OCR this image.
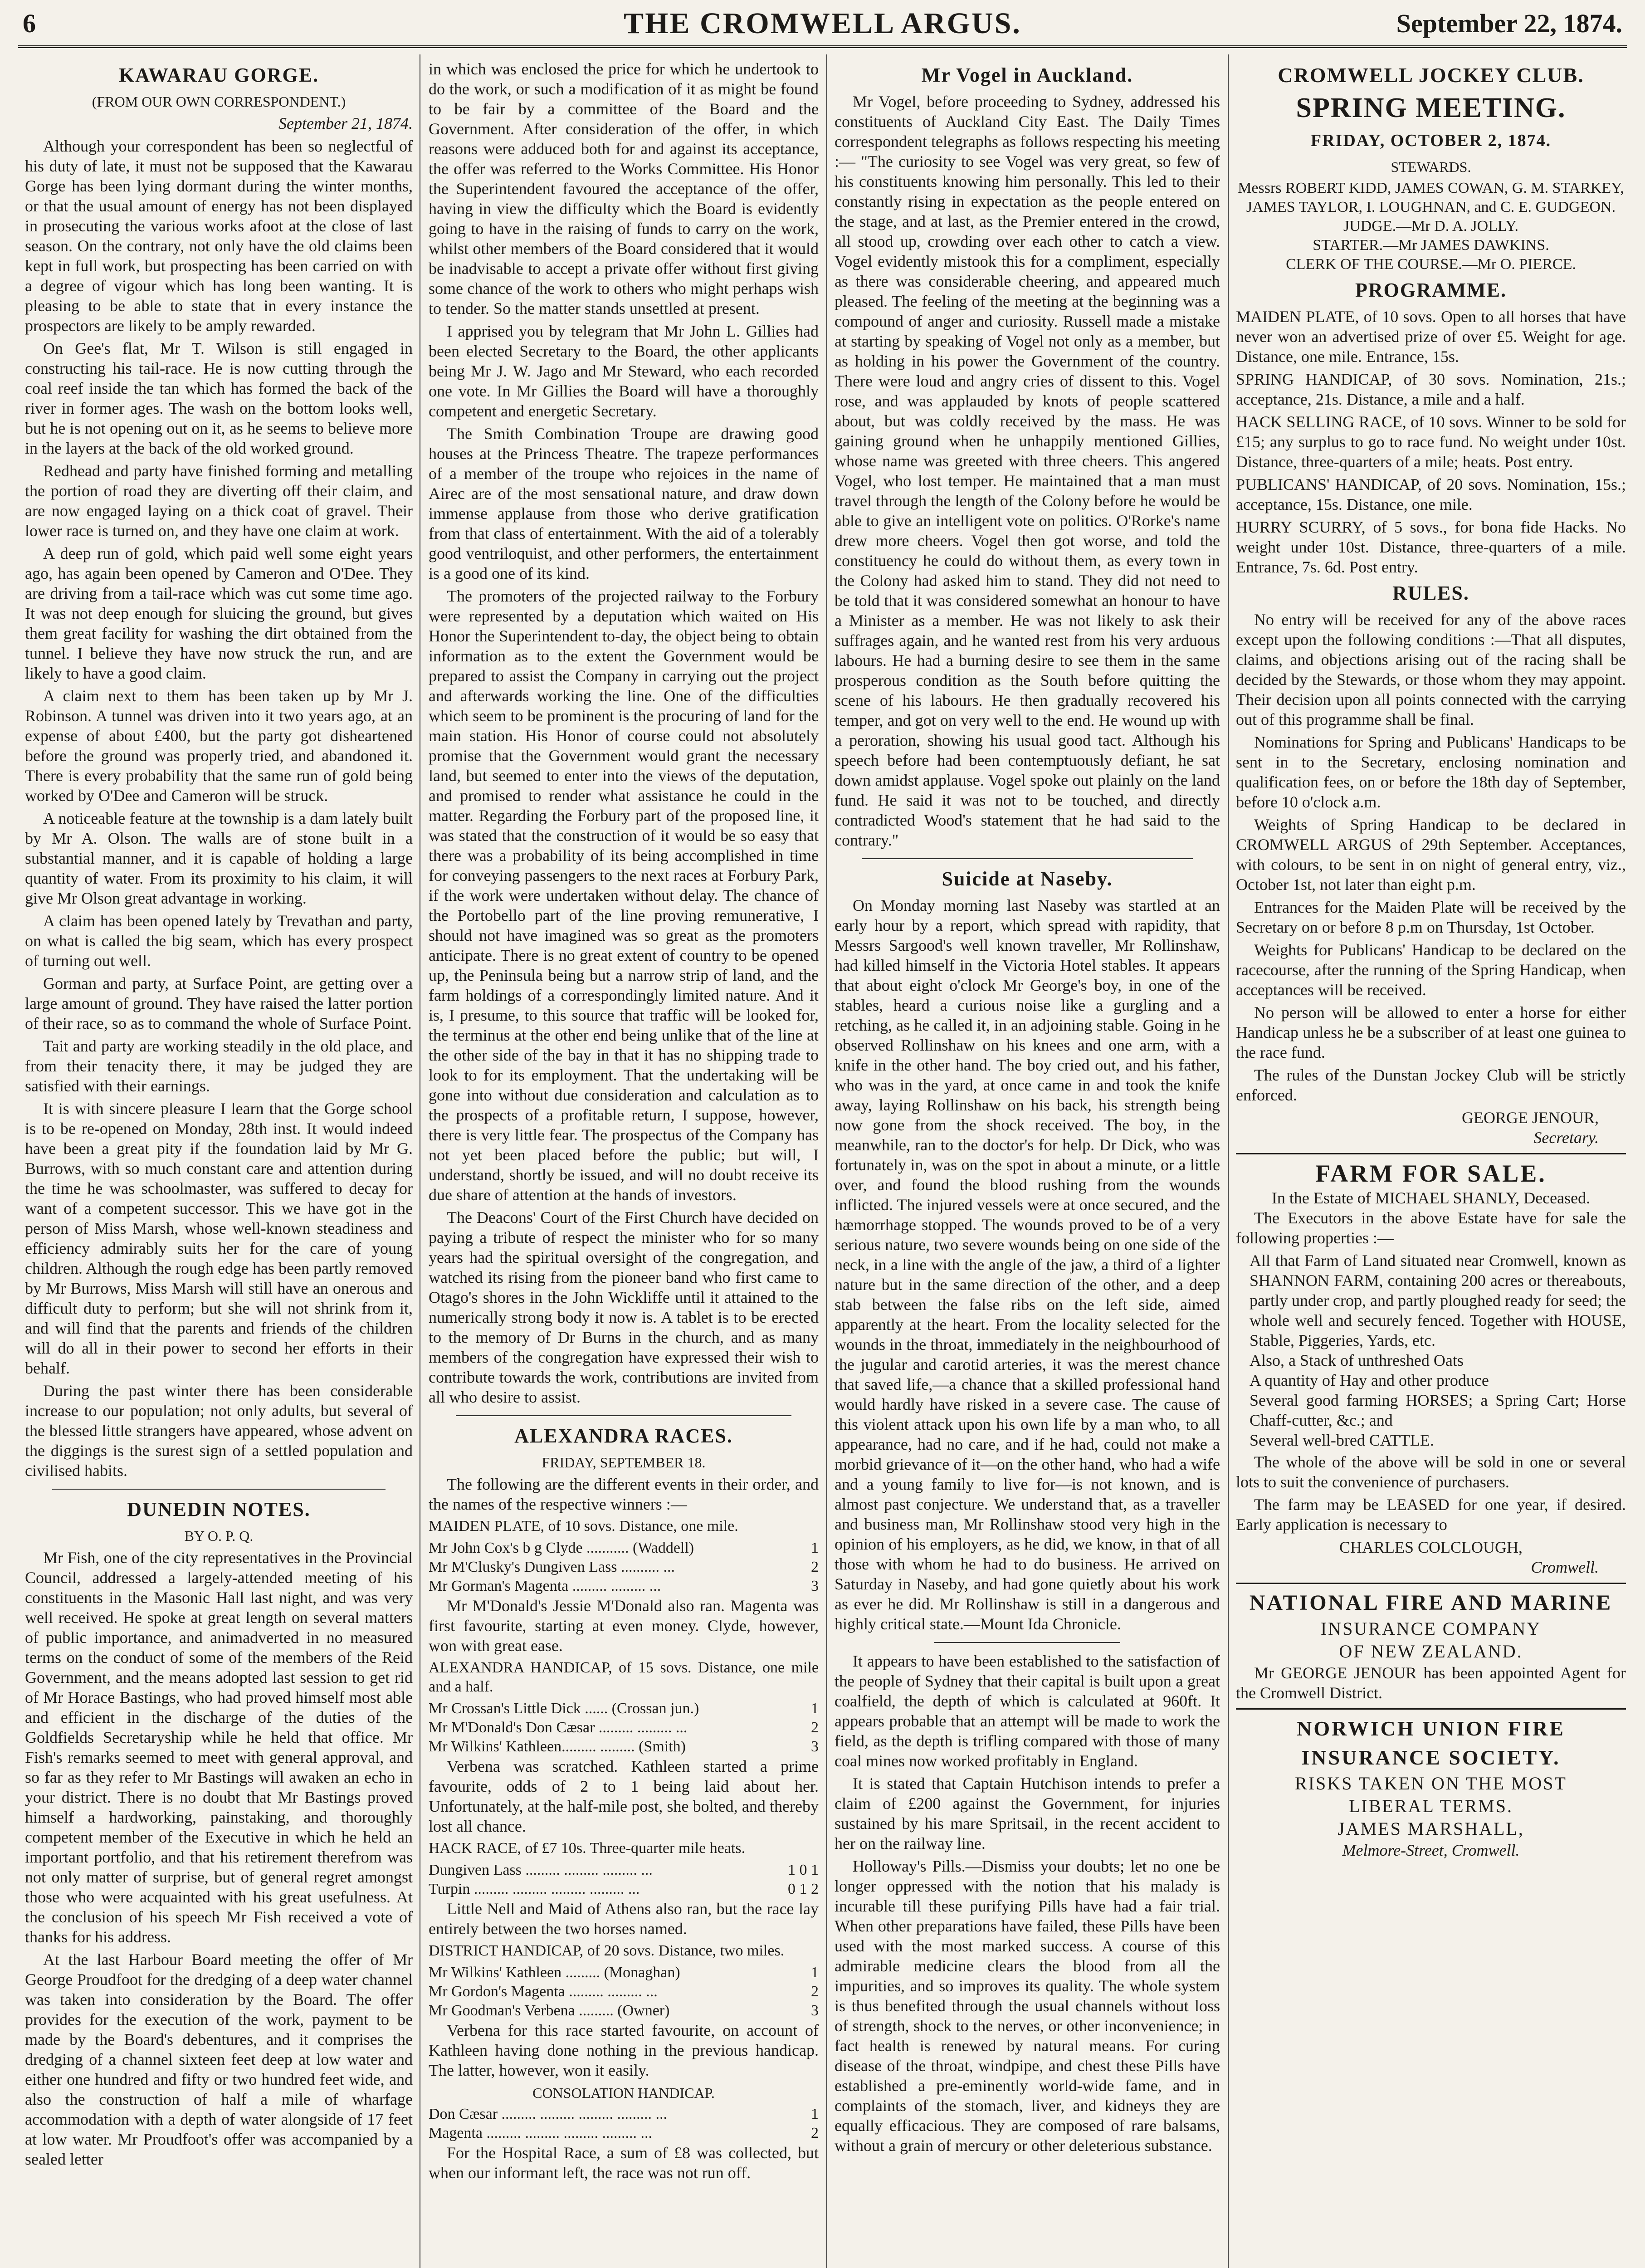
6	THE CROMWELL ARGUS.	September 22, 1874.
KAWARAU GORGE.
(FROM OUR OWN CORRESPONDENT.)
September 21, 1874.

Although your correspondent has been so neglectful of his duty of late, it must not be supposed that the Kawarau Gorge has been lying dormant during the winter months, or that the usual amount of energy has not been displayed in prosecuting the various works afoot at the close of last season. On the contrary, not only have the old claims been kept in full work, but prospecting has been carried on with a degree of vigour which has long been wanting. It is pleasing to be able to state that in every instance the prospectors are likely to be amply rewarded.

On Gee's flat, Mr T. Wilson is still engaged in constructing his tail-race. He is now cutting through the coal reef inside the tan which has formed the back of the river in former ages. The wash on the bottom looks well, but he is not opening out on it, as he seems to believe more in the layers at the back of the old worked ground.

Redhead and party have finished forming and metalling the portion of road they are diverting off their claim, and are now engaged laying on a thick coat of gravel. Their lower race is turned on, and they have one claim at work.

A deep run of gold, which paid well some eight years ago, has again been opened by Cameron and O'Dee. They are driving from a tail-race which was cut some time ago. It was not deep enough for sluicing the ground, but gives them great facility for washing the dirt obtained from the tunnel. I believe they have now struck the run, and are likely to have a good claim.

A claim next to them has been taken up by Mr J. Robinson. A tunnel was driven into it two years ago, at an expense of about £400, but the party got disheartened before the ground was properly tried, and abandoned it. There is every probability that the same run of gold being worked by O'Dee and Cameron will be struck.

A noticeable feature at the township is a dam lately built by Mr A. Olson. The walls are of stone built in a substantial manner, and it is capable of holding a large quantity of water. From its proximity to his claim, it will give Mr Olson great advantage in working.

A claim has been opened lately by Trevathan and party, on what is called the big seam, which has every prospect of turning out well.

Gorman and party, at Surface Point, are getting over a large amount of ground. They have raised the latter portion of their race, so as to command the whole of Surface Point.

Tait and party are working steadily in the old place, and from their tenacity there, it may be judged they are satisfied with their earnings.

It is with sincere pleasure I learn that the Gorge school is to be re-opened on Monday, 28th inst. It would indeed have been a great pity if the foundation laid by Mr G. Burrows, with so much constant care and attention during the time he was schoolmaster, was suffered to decay for want of a competent successor. This we have got in the person of Miss Marsh, whose well-known steadiness and efficiency admirably suits her for the care of young children. Although the rough edge has been partly removed by Mr Burrows, Miss Marsh will still have an onerous and difficult duty to perform; but she will not shrink from it, and will find that the parents and friends of the children will do all in their power to second her efforts in their behalf.

During the past winter there has been considerable increase to our population; not only adults, but several of the blessed little strangers have appeared, whose advent on the diggings is the surest sign of a settled population and civilised habits.

DUNEDIN NOTES.
BY O. P. Q.

Mr Fish, one of the city representatives in the Provincial Council, addressed a largely-attended meeting of his constituents in the Masonic Hall last night, and was very well received. He spoke at great length on several matters of public importance, and animadverted in no measured terms on the conduct of some of the members of the Reid Government, and the means adopted last session to get rid of Mr Horace Bastings, who had proved himself most able and efficient in the discharge of the duties of the Goldfields Secretaryship while he held that office. Mr Fish's remarks seemed to meet with general approval, and so far as they refer to Mr Bastings will awaken an echo in your district. There is no doubt that Mr Bastings proved himself a hardworking, painstaking, and thoroughly competent member of the Executive in which he held an important portfolio, and that his retirement therefrom was not only matter of surprise, but of general regret amongst those who were acquainted with his great usefulness. At the conclusion of his speech Mr Fish received a vote of thanks for his address.

At the last Harbour Board meeting the offer of Mr George Proudfoot for the dredging of a deep water channel was taken into consideration by the Board. The offer provides for the execution of the work, payment to be made by the Board's debentures, and it comprises the dredging of a channel sixteen feet deep at low water and either one hundred and fifty or two hundred feet wide, and also the construction of half a mile of wharfage accommodation with a depth of water alongside of 17 feet at low water. Mr Proudfoot's offer was accompanied by a sealed letter

in which was enclosed the price for which he undertook to do the work, or such a modification of it as might be found to be fair by a committee of the Board and the Government. After consideration of the offer, in which reasons were adduced both for and against its acceptance, the offer was referred to the Works Committee. His Honor the Superintendent favoured the acceptance of the offer, having in view the difficulty which the Board is evidently going to have in the raising of funds to carry on the work, whilst other members of the Board considered that it would be inadvisable to accept a private offer without first giving some chance of the work to others who might perhaps wish to tender. So the matter stands unsettled at present.

I apprised you by telegram that Mr John L. Gillies had been elected Secretary to the Board, the other applicants being Mr J. W. Jago and Mr Steward, who each recorded one vote. In Mr Gillies the Board will have a thoroughly competent and energetic Secretary.

The Smith Combination Troupe are drawing good houses at the Princess Theatre. The trapeze performances of a member of the troupe who rejoices in the name of Airec are of the most sensational nature, and draw down immense applause from those who derive gratification from that class of entertainment. With the aid of a tolerably good ventriloquist, and other performers, the entertainment is a good one of its kind.

The promoters of the projected railway to the Forbury were represented by a deputation which waited on His Honor the Superintendent to-day, the object being to obtain information as to the extent the Government would be prepared to assist the Company in carrying out the project and afterwards working the line. One of the difficulties which seem to be prominent is the procuring of land for the main station. His Honor of course could not absolutely promise that the Government would grant the necessary land, but seemed to enter into the views of the deputation, and promised to render what assistance he could in the matter. Regarding the Forbury part of the proposed line, it was stated that the construction of it would be so easy that there was a probability of its being accomplished in time for conveying passengers to the next races at Forbury Park, if the work were undertaken without delay. The chance of the Portobello part of the line proving remunerative, I should not have imagined was so great as the promoters anticipate. There is no great extent of country to be opened up, the Peninsula being but a narrow strip of land, and the farm holdings of a correspondingly limited nature. And it is, I presume, to this source that traffic will be looked for, the terminus at the other end being unlike that of the line at the other side of the bay in that it has no shipping trade to look to for its employment. That the undertaking will be gone into without due consideration and calculation as to the prospects of a profitable return, I suppose, however, there is very little fear. The prospectus of the Company has not yet been placed before the public; but will, I understand, shortly be issued, and will no doubt receive its due share of attention at the hands of investors.

The Deacons' Court of the First Church have decided on paying a tribute of respect the minister who for so many years had the spiritual oversight of the congregation, and watched its rising from the pioneer band who first came to Otago's shores in the John Wickliffe until it attained to the numerically strong body it now is. A tablet is to be erected to the memory of Dr Burns in the church, and as many members of the congregation have expressed their wish to contribute towards the work, contributions are invited from all who desire to assist.

ALEXANDRA RACES.
FRIDAY, SEPTEMBER 18.

The following are the different events in their order, and the names of the respective winners :—

MAIDEN PLATE, of 10 sovs. Distance, one mile.

Mr John Cox's b g Clyde ........... (Waddell)	1
Mr M'Clusky's Dungiven Lass .......... ...	2
Mr Gorman's Magenta ......... ......... ...	3

Mr M'Donald's Jessie M'Donald also ran. Magenta was first favourite, starting at even money. Clyde, however, won with great ease.

ALEXANDRA HANDICAP, of 15 sovs. Distance, one mile and a half.

Mr Crossan's Little Dick ...... (Crossan jun.)	1
Mr M'Donald's Don Cæsar ......... ......... ...	2
Mr Wilkins' Kathleen......... ......... (Smith)	3

Verbena was scratched. Kathleen started a prime favourite, odds of 2 to 1 being laid about her. Unfortunately, at the half-mile post, she bolted, and thereby lost all chance.

HACK RACE, of £7 10s. Three-quarter mile heats.

Dungiven Lass ......... ......... ......... ...	1 0 1
Turpin ......... ......... ......... ......... ...	0 1 2

Little Nell and Maid of Athens also ran, but the race lay entirely between the two horses named.

DISTRICT HANDICAP, of 20 sovs. Distance, two miles.

Mr Wilkins' Kathleen ......... (Monaghan)	1
Mr Gordon's Magenta ......... ......... ...	2
Mr Goodman's Verbena ......... (Owner)	3

Verbena for this race started favourite, on account of Kathleen having done nothing in the previous handicap. The latter, however, won it easily.

CONSOLATION HANDICAP.
Don Cæsar ......... ......... ......... ......... ...	1
Magenta ......... ......... ......... ......... ...	2

For the Hospital Race, a sum of £8 was collected, but when our informant left, the race was not run off.

Mr Vogel in Auckland.

Mr Vogel, before proceeding to Sydney, addressed his constituents of Auckland City East. The Daily Times correspondent telegraphs as follows respecting his meeting :— "The curiosity to see Vogel was very great, so few of his constituents knowing him personally. This led to their constantly rising in expectation as the people entered on the stage, and at last, as the Premier entered in the crowd, all stood up, crowding over each other to catch a view. Vogel evidently mistook this for a compliment, especially as there was considerable cheering, and appeared much pleased. The feeling of the meeting at the beginning was a compound of anger and curiosity. Russell made a mistake at starting by speaking of Vogel not only as a member, but as holding in his power the Government of the country. There were loud and angry cries of dissent to this. Vogel rose, and was applauded by knots of people scattered about, but was coldly received by the mass. He was gaining ground when he unhappily mentioned Gillies, whose name was greeted with three cheers. This angered Vogel, who lost temper. He maintained that a man must travel through the length of the Colony before he would be able to give an intelligent vote on politics. O'Rorke's name drew more cheers. Vogel then got worse, and told the constituency he could do without them, as every town in the Colony had asked him to stand. They did not need to be told that it was considered somewhat an honour to have a Minister as a member. He was not likely to ask their suffrages again, and he wanted rest from his very arduous labours. He had a burning desire to see them in the same prosperous condition as the South before quitting the scene of his labours. He then gradually recovered his temper, and got on very well to the end. He wound up with a peroration, showing his usual good tact. Although his speech before had been contemptuously defiant, he sat down amidst applause. Vogel spoke out plainly on the land fund. He said it was not to be touched, and directly contradicted Wood's statement that he had said to the contrary."

Suicide at Naseby.

On Monday morning last Naseby was startled at an early hour by a report, which spread with rapidity, that Messrs Sargood's well known traveller, Mr Rollinshaw, had killed himself in the Victoria Hotel stables. It appears that about eight o'clock Mr George's boy, in one of the stables, heard a curious noise like a gurgling and a retching, as he called it, in an adjoining stable. Going in he observed Rollinshaw on his knees and one arm, with a knife in the other hand. The boy cried out, and his father, who was in the yard, at once came in and took the knife away, laying Rollinshaw on his back, his strength being now gone from the shock received. The boy, in the meanwhile, ran to the doctor's for help. Dr Dick, who was fortunately in, was on the spot in about a minute, or a little over, and found the blood rushing from the wounds inflicted. The injured vessels were at once secured, and the hæmorrhage stopped. The wounds proved to be of a very serious nature, two severe wounds being on one side of the neck, in a line with the angle of the jaw, a third of a lighter nature but in the same direction of the other, and a deep stab between the false ribs on the left side, aimed apparently at the heart. From the locality selected for the wounds in the throat, immediately in the neighbourhood of the jugular and carotid arteries, it was the merest chance that saved life,—a chance that a skilled professional hand would hardly have risked in a severe case. The cause of this violent attack upon his own life by a man who, to all appearance, had no care, and if he had, could not make a morbid grievance of it—on the other hand, who had a wife and a young family to live for—is not known, and is almost past conjecture. We understand that, as a traveller and business man, Mr Rollinshaw stood very high in the opinion of his employers, as he did, we know, in that of all those with whom he had to do business. He arrived on Saturday in Naseby, and had gone quietly about his work as ever he did. Mr Rollinshaw is still in a dangerous and highly critical state.—Mount Ida Chronicle.

It appears to have been established to the satisfaction of the people of Sydney that their capital is built upon a great coalfield, the depth of which is calculated at 960ft. It appears probable that an attempt will be made to work the field, as the depth is trifling compared with those of many coal mines now worked profitably in England.

It is stated that Captain Hutchison intends to prefer a claim of £200 against the Government, for injuries sustained by his mare Spritsail, in the recent accident to her on the railway line.

Holloway's Pills.—Dismiss your doubts; let no one be longer oppressed with the notion that his malady is incurable till these purifying Pills have had a fair trial. When other preparations have failed, these Pills have been used with the most marked success. A course of this admirable medicine clears the blood from all the impurities, and so improves its quality. The whole system is thus benefited through the usual channels without loss of strength, shock to the nerves, or other inconvenience; in fact health is renewed by natural means. For curing disease of the throat, windpipe, and chest these Pills have established a pre-eminently world-wide fame, and in complaints of the stomach, liver, and kidneys they are equally efficacious. They are composed of rare balsams, without a grain of mercury or other deleterious substance.

CROMWELL JOCKEY CLUB.
SPRING MEETING.
FRIDAY, OCTOBER 2, 1874.
STEWARDS.
Messrs ROBERT KIDD, JAMES COWAN, G. M. STARKEY, JAMES TAYLOR, I. LOUGHNAN, and C. E. GUDGEON.
JUDGE.—Mr D. A. JOLLY.
STARTER.—Mr JAMES DAWKINS.
CLERK OF THE COURSE.—Mr O. PIERCE.
PROGRAMME.

MAIDEN PLATE, of 10 sovs. Open to all horses that have never won an advertised prize of over £5. Weight for age. Distance, one mile. Entrance, 15s.

SPRING HANDICAP, of 30 sovs. Nomination, 21s.; acceptance, 21s. Distance, a mile and a half.

HACK SELLING RACE, of 10 sovs. Winner to be sold for £15; any surplus to go to race fund. No weight under 10st. Distance, three-quarters of a mile; heats. Post entry.

PUBLICANS' HANDICAP, of 20 sovs. Nomination, 15s.; acceptance, 15s. Distance, one mile.

HURRY SCURRY, of 5 sovs., for bona fide Hacks. No weight under 10st. Distance, three-quarters of a mile. Entrance, 7s. 6d. Post entry.

RULES.

No entry will be received for any of the above races except upon the following conditions :—That all disputes, claims, and objections arising out of the racing shall be decided by the Stewards, or those whom they may appoint. Their decision upon all points connected with the carrying out of this programme shall be final.

Nominations for Spring and Publicans' Handicaps to be sent in to the Secretary, enclosing nomination and qualification fees, on or before the 18th day of September, before 10 o'clock a.m.

Weights of Spring Handicap to be declared in CROMWELL ARGUS of 29th September. Acceptances, with colours, to be sent in on night of general entry, viz., October 1st, not later than eight p.m.

Entrances for the Maiden Plate will be received by the Secretary on or before 8 p.m on Thursday, 1st October.

Weights for Publicans' Handicap to be declared on the racecourse, after the running of the Spring Handicap, when acceptances will be received.

No person will be allowed to enter a horse for either Handicap unless he be a subscriber of at least one guinea to the race fund.

The rules of the Dunstan Jockey Club will be strictly enforced.

GEORGE JENOUR,
Secretary.
FARM FOR SALE.
In the Estate of MICHAEL SHANLY, Deceased.

The Executors in the above Estate have for sale the following properties :—

All that Farm of Land situated near Cromwell, known as SHANNON FARM, containing 200 acres or thereabouts, partly under crop, and partly ploughed ready for seed; the whole well and securely fenced. Together with HOUSE, Stable, Piggeries, Yards, etc.
Also, a Stack of unthreshed Oats
A quantity of Hay and other produce
Several good farming HORSES; a Spring Cart; Horse Chaff-cutter, &c.; and
Several well-bred CATTLE.

The whole of the above will be sold in one or several lots to suit the convenience of purchasers.

The farm may be LEASED for one year, if desired. Early application is necessary to

CHARLES COLCLOUGH,
Cromwell.
NATIONAL FIRE AND MARINE
INSURANCE COMPANY
OF NEW ZEALAND.

Mr GEORGE JENOUR has been appointed Agent for the Cromwell District.

NORWICH UNION FIRE INSURANCE SOCIETY.
RISKS TAKEN ON THE MOST
LIBERAL TERMS.
JAMES MARSHALL,
Melmore-Street, Cromwell.
